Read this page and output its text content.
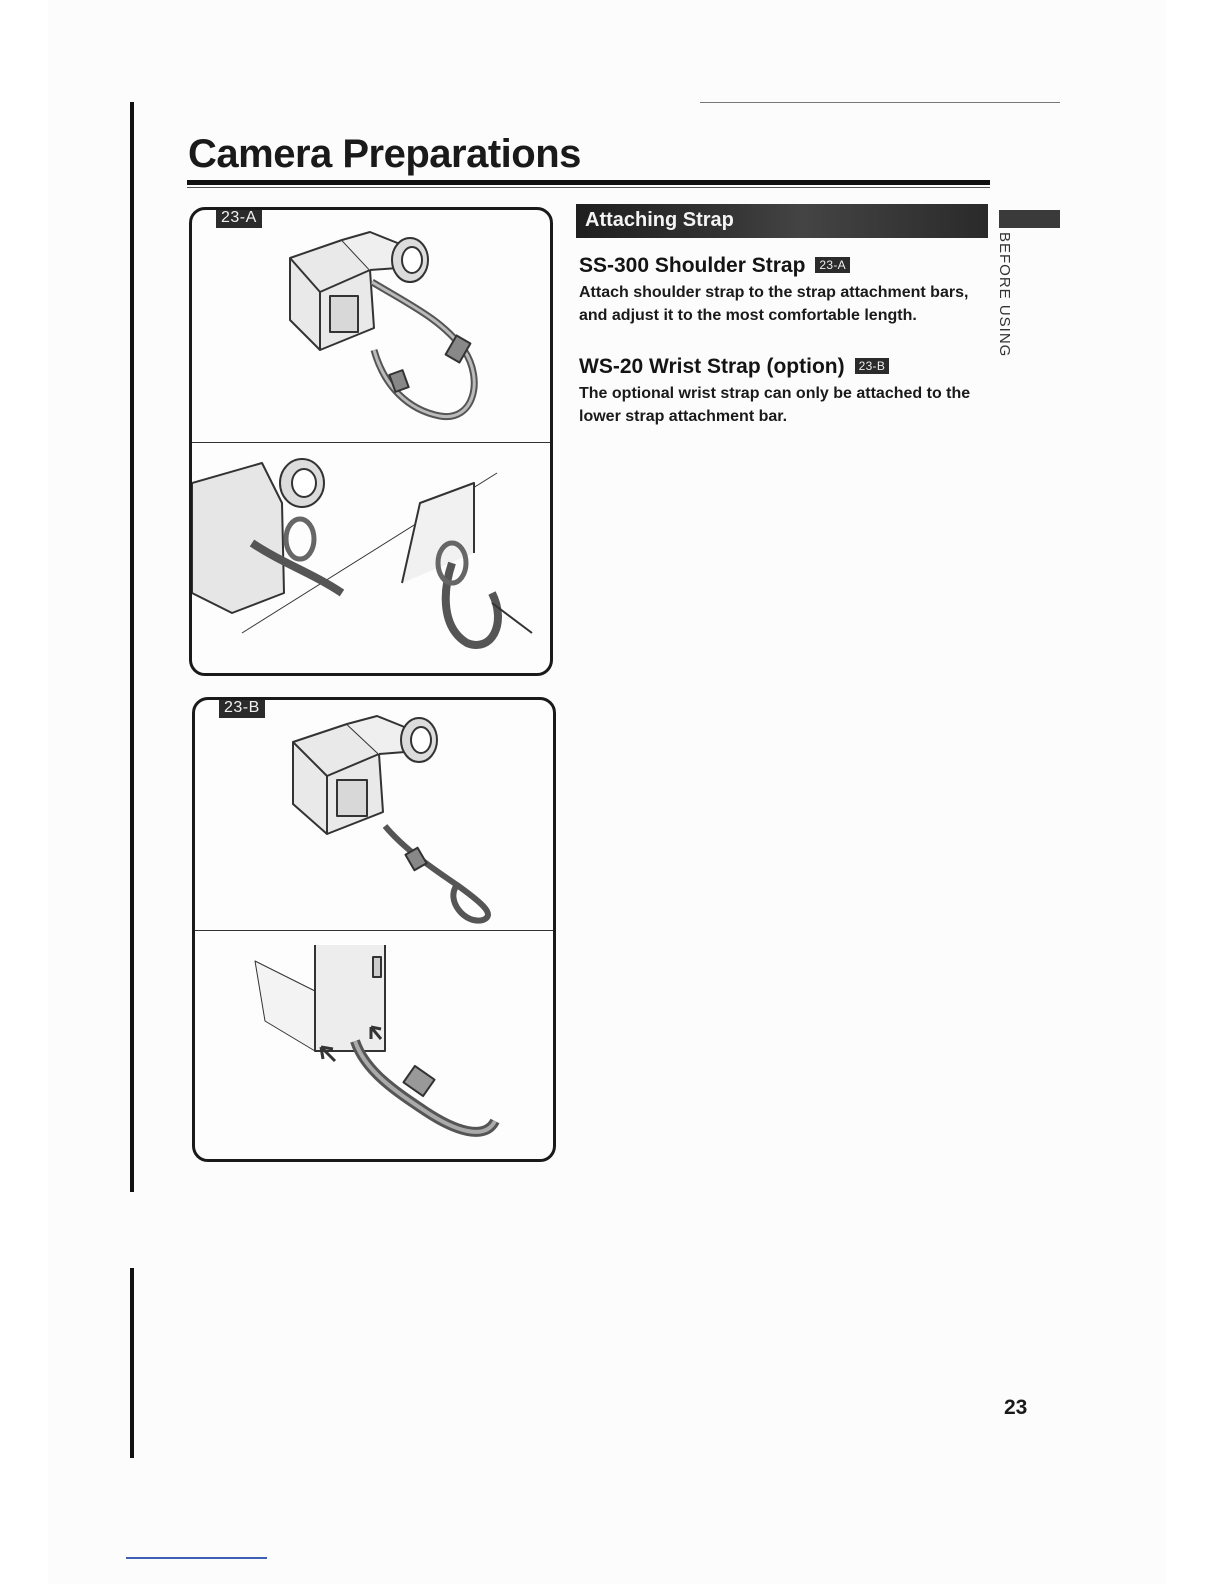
Camera Preparations
23-A
23-B
Attaching Strap
SS-300 Shoulder Strap 23-A

Attach shoulder strap to the strap attachment bars, and adjust it to the most comfortable length.

WS-20 Wrist Strap (option) 23-B

The optional wrist strap can only be attached to the lower strap attachment bar.

BEFORE USING
23
